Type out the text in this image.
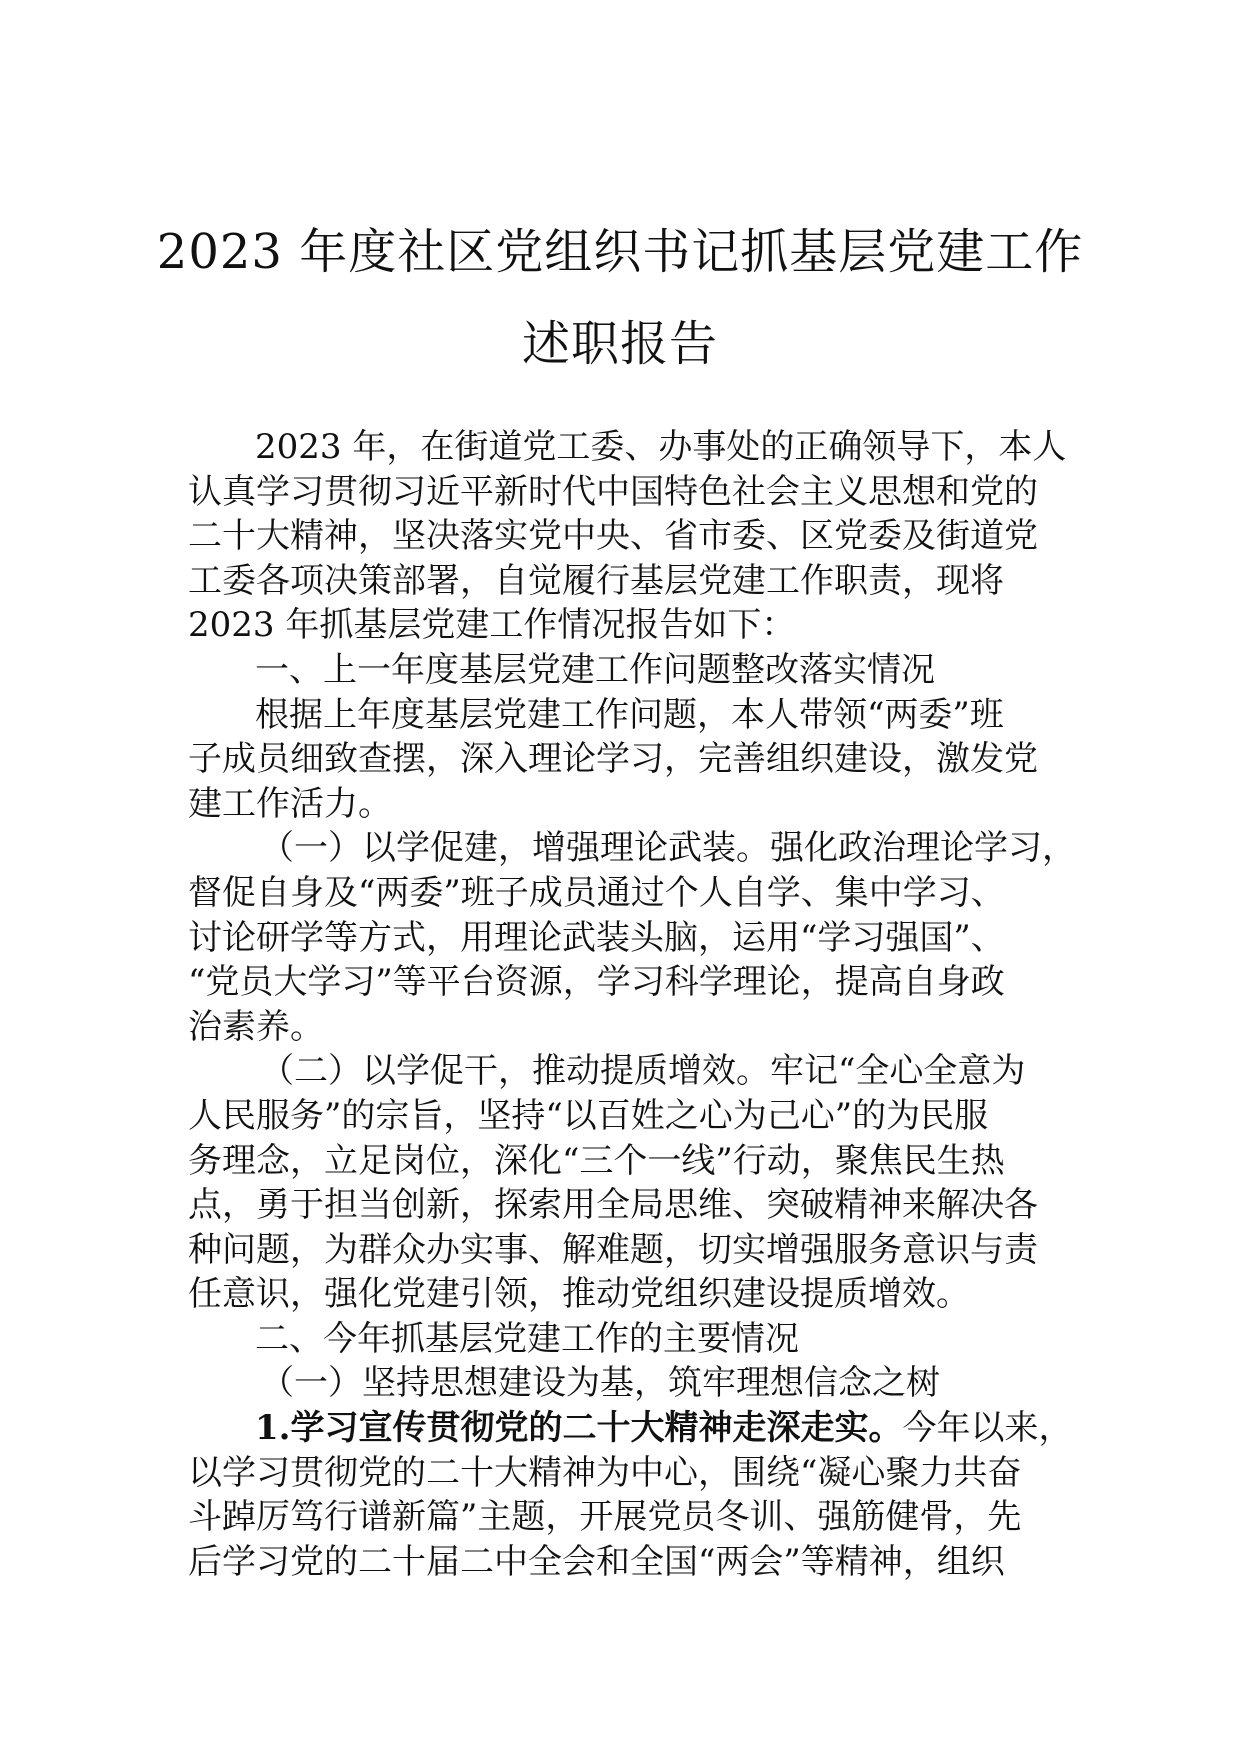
2023 年度社区党组织书记抓基层党建工作
述职报告
2023 年，在街道党工委、办事处的正确领导下，本人
认真学习贯彻习近平新时代中国特色社会主义思想和党的
二十大精神，坚决落实党中央、省市委、区党委及街道党
工委各项决策部署，自觉履行基层党建工作职责，现将
2023 年抓基层党建工作情况报告如下：
一、上一年度基层党建工作问题整改落实情况
根据上年度基层党建工作问题，本人带领“两委”班
子成员细致查摆，深入理论学习，完善组织建设，激发党
建工作活力。
（一）以学促建，增强理论武装。强化政治理论学习，
督促自身及“两委”班子成员通过个人自学、集中学习、
讨论研学等方式，用理论武装头脑，运用“学习强国”、
“党员大学习”等平台资源，学习科学理论，提高自身政
治素养。
（二）以学促干，推动提质增效。牢记“全心全意为
人民服务”的宗旨，坚持“以百姓之心为己心”的为民服
务理念，立足岗位，深化“三个一线”行动，聚焦民生热
点，勇于担当创新，探索用全局思维、突破精神来解决各
种问题，为群众办实事、解难题，切实增强服务意识与责
任意识，强化党建引领，推动党组织建设提质增效。
二、今年抓基层党建工作的主要情况
（一）坚持思想建设为基，筑牢理想信念之树
1.学习宣传贯彻党的二十大精神走深走实。今年以来，
以学习贯彻党的二十大精神为中心，围绕“凝心聚力共奋
斗踔厉笃行谱新篇”主题，开展党员冬训、强筋健骨，先
后学习党的二十届二中全会和全国“两会”等精神，组织
